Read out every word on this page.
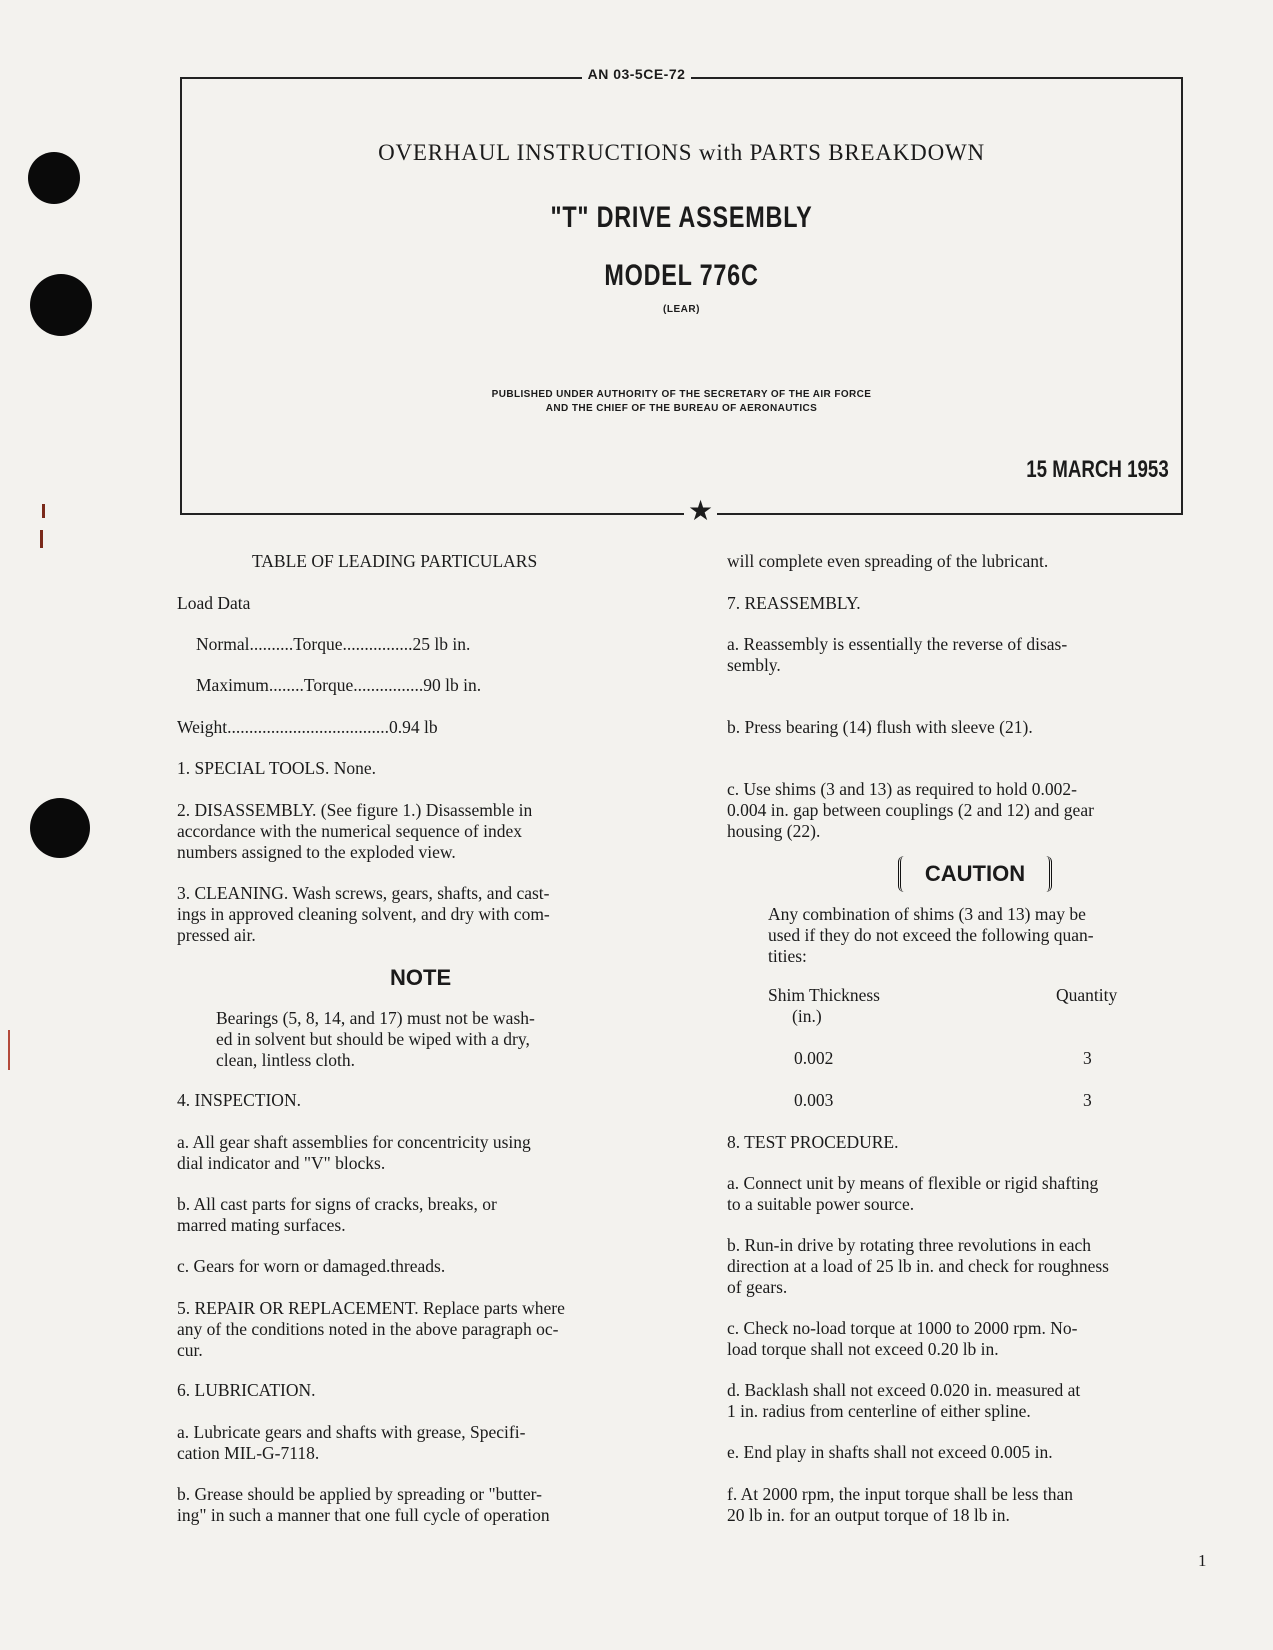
AN 03-5CE-72
★
OVERHAUL INSTRUCTIONS with PARTS BREAKDOWN
"T" DRIVE ASSEMBLY
MODEL 776C
(LEAR)
PUBLISHED UNDER AUTHORITY OF THE SECRETARY OF THE AIR FORCE
AND THE CHIEF OF THE BUREAU OF AERONAUTICS
15 MARCH 1953
TABLE OF LEADING PARTICULARS
Load Data
Normal..........Torque................25 lb in.
Maximum........Torque................90 lb in.
Weight.....................................0.94 lb
1. SPECIAL TOOLS. None.
2. DISASSEMBLY. (See figure 1.) Disassemble in
accordance with the numerical sequence of index
numbers assigned to the exploded view.
3. CLEANING. Wash screws, gears, shafts, and cast-
ings in approved cleaning solvent, and dry with com-
pressed air.
NOTE
Bearings (5, 8, 14, and 17) must not be wash-
ed in solvent but should be wiped with a dry,
clean, lintless cloth.
4. INSPECTION.
a. All gear shaft assemblies for concentricity using
dial indicator and "V" blocks.
b. All cast parts for signs of cracks, breaks, or
marred mating surfaces.
c. Gears for worn or damaged.threads.
5. REPAIR OR REPLACEMENT. Replace parts where
any of the conditions noted in the above paragraph oc-
cur.
6. LUBRICATION.
a. Lubricate gears and shafts with grease, Specifi-
cation MIL-G-7118.
b. Grease should be applied by spreading or "butter-
ing" in such a manner that one full cycle of operation
will complete even spreading of the lubricant.
7. REASSEMBLY.
a. Reassembly is essentially the reverse of disas-
sembly.
b. Press bearing (14) flush with sleeve (21).
c. Use shims (3 and 13) as required to hold 0.002-
0.004 in. gap between couplings (2 and 12) and gear
housing (22).
CAUTION
Any combination of shims (3 and 13) may be
used if they do not exceed the following quan-
tities:
Shim Thickness
(in.)
Quantity
0.002	3
0.003	3
8. TEST PROCEDURE.
a. Connect unit by means of flexible or rigid shafting
to a suitable power source.
b. Run-in drive by rotating three revolutions in each
direction at a load of 25 lb in. and check for roughness
of gears.
c. Check no-load torque at 1000 to 2000 rpm. No-
load torque shall not exceed 0.20 lb in.
d. Backlash shall not exceed 0.020 in. measured at
1 in. radius from centerline of either spline.
e. End play in shafts shall not exceed 0.005 in.
f. At 2000 rpm, the input torque shall be less than
20 lb in. for an output torque of 18 lb in.
1
